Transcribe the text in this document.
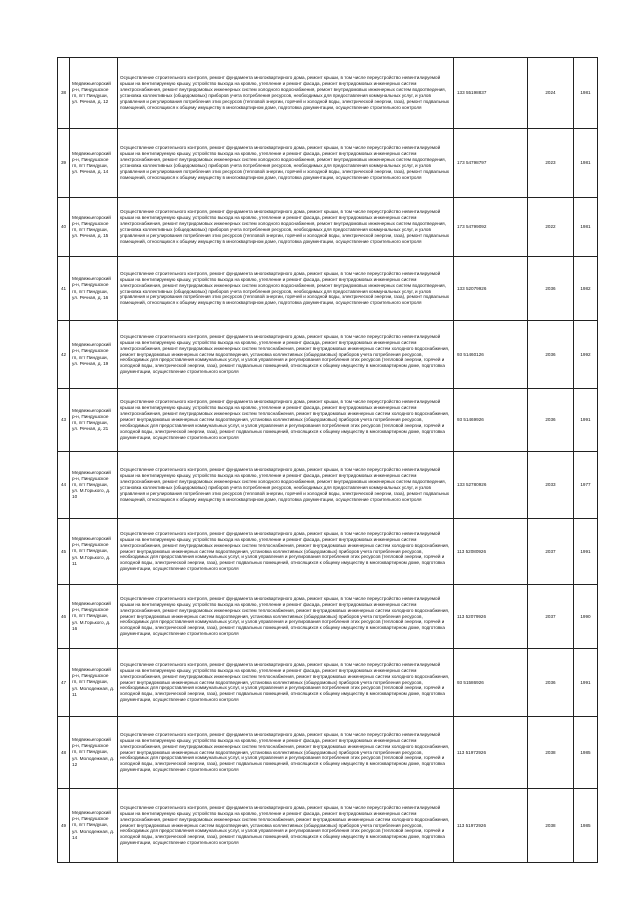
38	Медвежьегорский р-н, Пиндушское гп, пгт Пиндуши, ул. Речная, д. 12	Осуществление строительного контроля, ремонт фундамента многоквартирного дома, ремонт крыши, в том числе переустройство невентилируемой крыши на вентилируемую крышу, устройство выхода на кровлю, утепление и ремонт фасада, ремонт внутридомовых инженерных систем электроснабжения, ремонт внутридомовых инженерных систем холодного водоснабжения, ремонт внутридомовых инженерных систем водоотведения, установка коллективных (общедомовых) приборов учета потребления ресурсов, необходимых для предоставления коммунальных услуг, и узлов управления и регулирования потребления этих ресурсов (тепловой энергии, горячей и холодной воды, электрической энергии, газа), ремонт подвальных помещений, относящихся к общему имуществу в многоквартирном доме, подготовка документации, осуществление строительного контроля	133 55198837	2024	1981
39	Медвежьегорский р-н, Пиндушское гп, пгт Пиндуши, ул. Речная, д. 14	Осуществление строительного контроля, ремонт фундамента многоквартирного дома, ремонт крыши, в том числе переустройство невентилируемой крыши на вентилируемую крышу, устройство выхода на кровлю, утепление и ремонт фасада, ремонт внутридомовых инженерных систем электроснабжения, ремонт внутридомовых инженерных систем холодного водоснабжения, ремонт внутридомовых инженерных систем водоотведения, установка коллективных (общедомовых) приборов учета потребления ресурсов, необходимых для предоставления коммунальных услуг, и узлов управления и регулирования потребления этих ресурсов (тепловой энергии, горячей и холодной воды, электрической энергии, газа), ремонт подвальных помещений, относящихся к общему имуществу в многоквартирном доме, подготовка документации, осуществление строительного контроля	173 54798797	2023	1981
40	Медвежьегорский р-н, Пиндушское гп, пгт Пиндуши, ул. Речная, д. 15	Осуществление строительного контроля, ремонт фундамента многоквартирного дома, ремонт крыши, в том числе переустройство невентилируемой крыши на вентилируемую крышу, устройство выхода на кровлю, утепление и ремонт фасада, ремонт внутридомовых инженерных систем электроснабжения, ремонт внутридомовых инженерных систем холодного водоснабжения, ремонт внутридомовых инженерных систем водоотведения, установка коллективных (общедомовых) приборов учета потребления ресурсов, необходимых для предоставления коммунальных услуг, и узлов управления и регулирования потребления этих ресурсов (тепловой энергии, горячей и холодной воды, электрической энергии, газа), ремонт подвальных помещений, относящихся к общему имуществу в многоквартирном доме, подготовка документации, осуществление строительного контроля	173 54799092	2022	1981
41	Медвежьегорский р-н, Пиндушское гп, пгт Пиндуши, ул. Речная, д. 16	Осуществление строительного контроля, ремонт фундамента многоквартирного дома, ремонт крыши, в том числе переустройство невентилируемой крыши на вентилируемую крышу, устройство выхода на кровлю, утепление и ремонт фасада, ремонт внутридомовых инженерных систем электроснабжения, ремонт внутридомовых инженерных систем холодного водоснабжения, ремонт внутридомовых инженерных систем водоотведения, установка коллективных (общедомовых) приборов учета потребления ресурсов, необходимых для предоставления коммунальных услуг, и узлов управления и регулирования потребления этих ресурсов (тепловой энергии, горячей и холодной воды, электрической энергии, газа), ремонт подвальных помещений, относящихся к общему имуществу в многоквартирном доме, подготовка документации, осуществление строительного контроля	133 52079926	2036	1982
42	Медвежьегорский р-н, Пиндушское гп, пгт Пиндуши, ул. Речная, д. 19	Осуществление строительного контроля, ремонт фундамента многоквартирного дома, ремонт крыши, в том числе переустройство невентилируемой крыши на вентилируемую крышу, устройство выхода на кровлю, утепление и ремонт фасада, ремонт внутридомовых инженерных систем электроснабжения, ремонт внутридомовых инженерных систем теплоснабжения, ремонт внутридомовых инженерных систем холодного водоснабжения, ремонт внутридомовых инженерных систем водоотведения, установка коллективных (общедомовых) приборов учета потребления ресурсов, необходимых для предоставления коммунальных услуг, и узлов управления и регулирования потребления этих ресурсов (тепловой энергии, горячей и холодной воды, электрической энергии, газа), ремонт подвальных помещений, относящихся к общему имуществу в многоквартирном доме, подготовка документации, осуществление строительного контроля	93 51460126	2036	1992
43	Медвежьегорский р-н, Пиндушское гп, пгт Пиндуши, ул. Речная, д. 21	Осуществление строительного контроля, ремонт фундамента многоквартирного дома, ремонт крыши, в том числе переустройство невентилируемой крыши на вентилируемую крышу, устройство выхода на кровлю, утепление и ремонт фасада, ремонт внутридомовых инженерных систем электроснабжения, ремонт внутридомовых инженерных систем теплоснабжения, ремонт внутридомовых инженерных систем холодного водоснабжения, ремонт внутридомовых инженерных систем водоотведения, установка коллективных (общедомовых) приборов учета потребления ресурсов, необходимых для предоставления коммунальных услуг, и узлов управления и регулирования потребления этих ресурсов (тепловой энергии, горячей и холодной воды, электрической энергии, газа), ремонт подвальных помещений, относящихся к общему имуществу в многоквартирном доме, подготовка документации, осуществление строительного контроля	93 51469926	2036	1991
44	Медвежьегорский р-н, Пиндушское гп, пгт Пиндуши, ул. М.Горького, д. 10	Осуществление строительного контроля, ремонт фундамента многоквартирного дома, ремонт крыши, в том числе переустройство невентилируемой крыши на вентилируемую крышу, устройство выхода на кровлю, утепление и ремонт фасада, ремонт внутридомовых инженерных систем электроснабжения, ремонт внутридомовых инженерных систем холодного водоснабжения, ремонт внутридомовых инженерных систем водоотведения, установка коллективных (общедомовых) приборов учета потребления ресурсов, необходимых для предоставления коммунальных услуг, и узлов управления и регулирования потребления этих ресурсов (тепловой энергии, горячей и холодной воды, электрической энергии, газа), ремонт подвальных помещений, относящихся к общему имуществу в многоквартирном доме, подготовка документации, осуществление строительного контроля	133 52780926	2033	1977
45	Медвежьегорский р-н, Пиндушское гп, пгт Пиндуши, ул. М.Горького, д. 11	Осуществление строительного контроля, ремонт фундамента многоквартирного дома, ремонт крыши, в том числе переустройство невентилируемой крыши на вентилируемую крышу, устройство выхода на кровлю, утепление и ремонт фасада, ремонт внутридомовых инженерных систем электроснабжения, ремонт внутридомовых инженерных систем теплоснабжения, ремонт внутридомовых инженерных систем холодного водоснабжения, ремонт внутридомовых инженерных систем водоотведения, установка коллективных (общедомовых) приборов учета потребления ресурсов, необходимых для предоставления коммунальных услуг, и узлов управления и регулирования потребления этих ресурсов (тепловой энергии, горячей и холодной воды, электрической энергии, газа), ремонт подвальных помещений, относящихся к общему имуществу в многоквартирном доме, подготовка документации, осуществление строительного контроля	113 52080926	2037	1991
46	Медвежьегорский р-н, Пиндушское гп, пгт Пиндуши, ул. М.Горького, д. 16	Осуществление строительного контроля, ремонт фундамента многоквартирного дома, ремонт крыши, в том числе переустройство невентилируемой крыши на вентилируемую крышу, устройство выхода на кровлю, утепление и ремонт фасада, ремонт внутридомовых инженерных систем электроснабжения, ремонт внутридомовых инженерных систем теплоснабжения, ремонт внутридомовых инженерных систем холодного водоснабжения, ремонт внутридомовых инженерных систем водоотведения, установка коллективных (общедомовых) приборов учета потребления ресурсов, необходимых для предоставления коммунальных услуг, и узлов управления и регулирования потребления этих ресурсов (тепловой энергии, горячей и холодной воды, электрической энергии, газа), ремонт подвальных помещений, относящихся к общему имуществу в многоквартирном доме, подготовка документации, осуществление строительного контроля	113 52079926	2037	1990
47	Медвежьегорский р-н, Пиндушское гп, пгт Пиндуши, ул. Молодежная, д. 11	Осуществление строительного контроля, ремонт фундамента многоквартирного дома, ремонт крыши, в том числе переустройство невентилируемой крыши на вентилируемую крышу, устройство выхода на кровлю, утепление и ремонт фасада, ремонт внутридомовых инженерных систем электроснабжения, ремонт внутридомовых инженерных систем теплоснабжения, ремонт внутридомовых инженерных систем холодного водоснабжения, ремонт внутридомовых инженерных систем водоотведения, установка коллективных (общедомовых) приборов учета потребления ресурсов, необходимых для предоставления коммунальных услуг, и узлов управления и регулирования потребления этих ресурсов (тепловой энергии, горячей и холодной воды, электрической энергии, газа), ремонт подвальных помещений, относящихся к общему имуществу в многоквартирном доме, подготовка документации, осуществление строительного контроля	93 51586926	2036	1991
48	Медвежьегорский р-н, Пиндушское гп, пгт Пиндуши, ул. Молодежная, д. 12	Осуществление строительного контроля, ремонт фундамента многоквартирного дома, ремонт крыши, в том числе переустройство невентилируемой крыши на вентилируемую крышу, устройство выхода на кровлю, утепление и ремонт фасада, ремонт внутридомовых инженерных систем электроснабжения, ремонт внутридомовых инженерных систем теплоснабжения, ремонт внутридомовых инженерных систем холодного водоснабжения, ремонт внутридомовых инженерных систем водоотведения, установка коллективных (общедомовых) приборов учета потребления ресурсов, необходимых для предоставления коммунальных услуг, и узлов управления и регулирования потребления этих ресурсов (тепловой энергии, горячей и холодной воды, электрической энергии, газа), ремонт подвальных помещений, относящихся к общему имуществу в многоквартирном доме, подготовка документации, осуществление строительного контроля	113 51972926	2038	1985
49	Медвежьегорский р-н, Пиндушское гп, пгт Пиндуши, ул. Молодежная, д. 14	Осуществление строительного контроля, ремонт фундамента многоквартирного дома, ремонт крыши, в том числе переустройство невентилируемой крыши на вентилируемую крышу, устройство выхода на кровлю, утепление и ремонт фасада, ремонт внутридомовых инженерных систем электроснабжения, ремонт внутридомовых инженерных систем теплоснабжения, ремонт внутридомовых инженерных систем холодного водоснабжения, ремонт внутридомовых инженерных систем водоотведения, установка коллективных (общедомовых) приборов учета потребления ресурсов, необходимых для предоставления коммунальных услуг, и узлов управления и регулирования потребления этих ресурсов (тепловой энергии, горячей и холодной воды, электрической энергии, газа), ремонт подвальных помещений, относящихся к общему имуществу в многоквартирном доме, подготовка документации, осуществление строительного контроля	113 51972926	2038	1985
